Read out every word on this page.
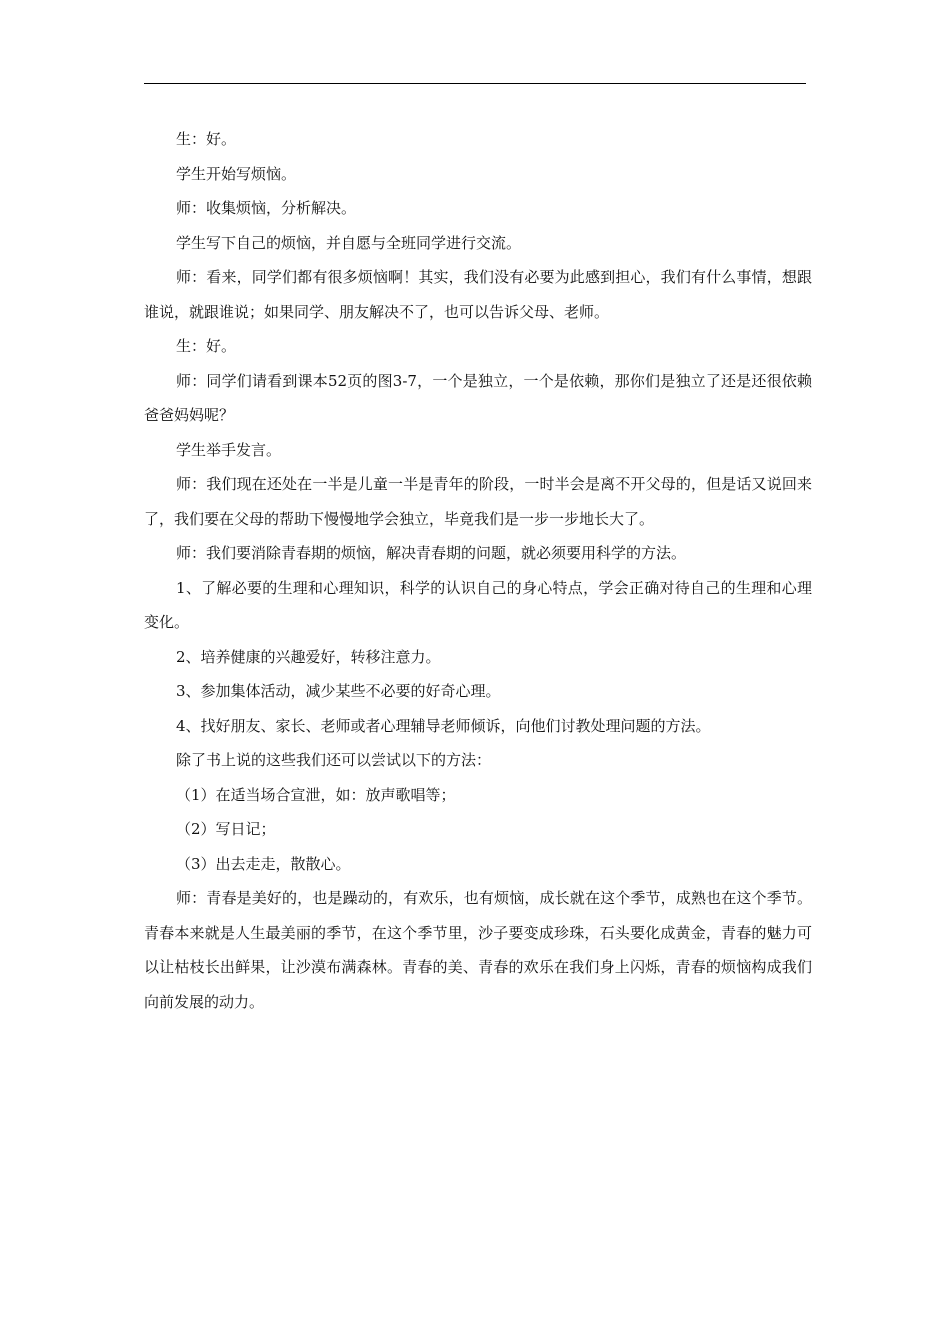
生：好。

学生开始写烦恼。

师：收集烦恼，分析解决。

学生写下自己的烦恼，并自愿与全班同学进行交流。

师：看来，同学们都有很多烦恼啊！其实，我们没有必要为此感到担心，我们有什么事情，想跟谁说，就跟谁说；如果同学、朋友解决不了，也可以告诉父母、老师。

生：好。

师：同学们请看到课本52页的图3-7，一个是独立，一个是依赖，那你们是独立了还是还很依赖爸爸妈妈呢？

学生举手发言。

师：我们现在还处在一半是儿童一半是青年的阶段，一时半会是离不开父母的，但是话又说回来了，我们要在父母的帮助下慢慢地学会独立，毕竟我们是一步一步地长大了。

师：我们要消除青春期的烦恼，解决青春期的问题，就必须要用科学的方法。

1、了解必要的生理和心理知识，科学的认识自己的身心特点，学会正确对待自己的生理和心理变化。

2、培养健康的兴趣爱好，转移注意力。

3、参加集体活动，减少某些不必要的好奇心理。

4、找好朋友、家长、老师或者心理辅导老师倾诉，向他们讨教处理问题的方法。

除了书上说的这些我们还可以尝试以下的方法：

（1）在适当场合宣泄，如：放声歌唱等；

（2）写日记；

（3）出去走走，散散心。

师：青春是美好的，也是躁动的，有欢乐，也有烦恼，成长就在这个季节，成熟也在这个季节。青春本来就是人生最美丽的季节，在这个季节里，沙子要变成珍珠，石头要化成黄金，青春的魅力可以让枯枝长出鲜果，让沙漠布满森林。青春的美、青春的欢乐在我们身上闪烁，青春的烦恼构成我们向前发展的动力。
